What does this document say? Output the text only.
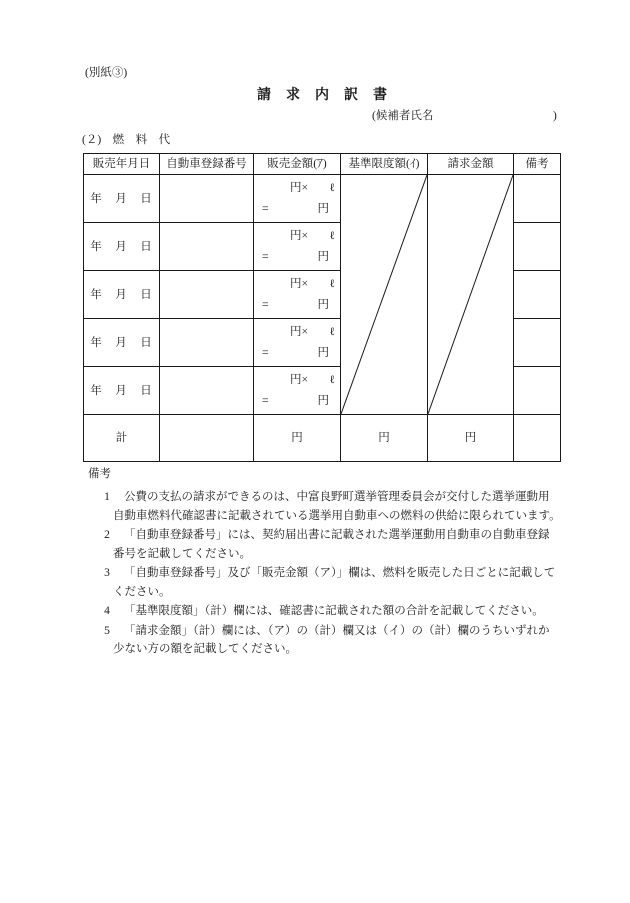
(別紙③)
請　求　内　訳　書
(候補者氏名	)
(２)　燃　料　代
販売年月日	自動車登録番号	販売金額(ｱ)	基準限度額(ｲ)	請求金額	備考
年　月　日		円× ℓ
= 円

年　月　日		円× ℓ
= 円			

年　月　日		円× ℓ
= 円			

年　月　日		円× ℓ
= 円			

年　月　日		円× ℓ
= 円			

計		円	円	円	
備考
1 公費の支払の請求ができるのは、中富良野町選挙管理委員会が交付した選挙運動用
自動車燃料代確認書に記載されている選挙用自動車への燃料の供給に限られています。
2 「自動車登録番号」には、契約届出書に記載された選挙運動用自動車の自動車登録
番号を記載してください。
3 「自動車登録番号」及び「販売金額（ア）」欄は、燃料を販売した日ごとに記載して
ください。
4 「基準限度額」（計）欄には、確認書に記載された額の合計を記載してください。
5 「請求金額」（計）欄には、（ア）の（計）欄又は（イ）の（計）欄のうちいずれか
少ない方の額を記載してください。
